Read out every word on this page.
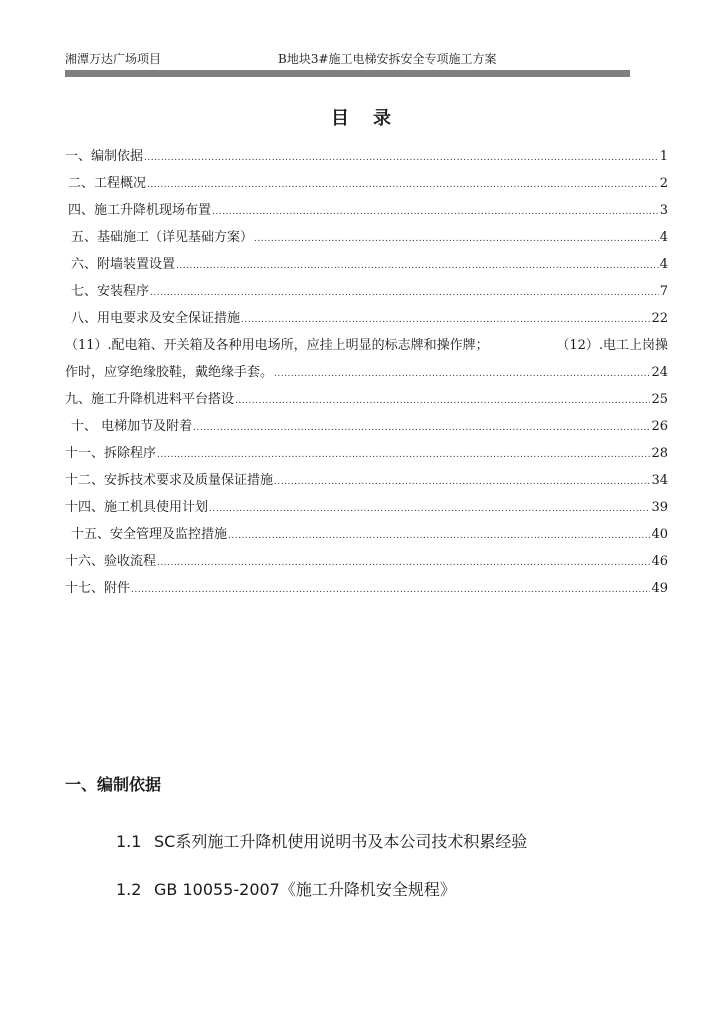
湘潭万达广场项目	B地块3#施工电梯安拆安全专项施工方案
目 录
一、编制依据 .....	1
二、工程概况 .....	2
四、施工升降机现场布置 .....	3
五、基础施工（详见基础方案） .....	4
六、附墙装置设置 .....	4
七、安装程序 .....	7
八、用电要求及安全保证措施 .....	22
（11）.配电箱、开关箱及各种用电场所，应挂上明显的标志牌和操作牌；	（12）.电工上岗操
作时，应穿绝缘胶鞋，戴绝缘手套。 .....	24
九、施工升降机进料平台搭设 .....	25
十、 电梯加节及附着 .....	26
十一、拆除程序 .....	28
十二、安拆技术要求及质量保证措施 .....	34
十四、施工机具使用计划 .....	39
十五、安全管理及监控措施 .....	40
十六、验收流程 .....	46
十七、附件 .....	49
一、编制依据
1.1 SC系列施工升降机使用说明书及本公司技术积累经验
1.2 GB 10055-2007《施工升降机安全规程》
